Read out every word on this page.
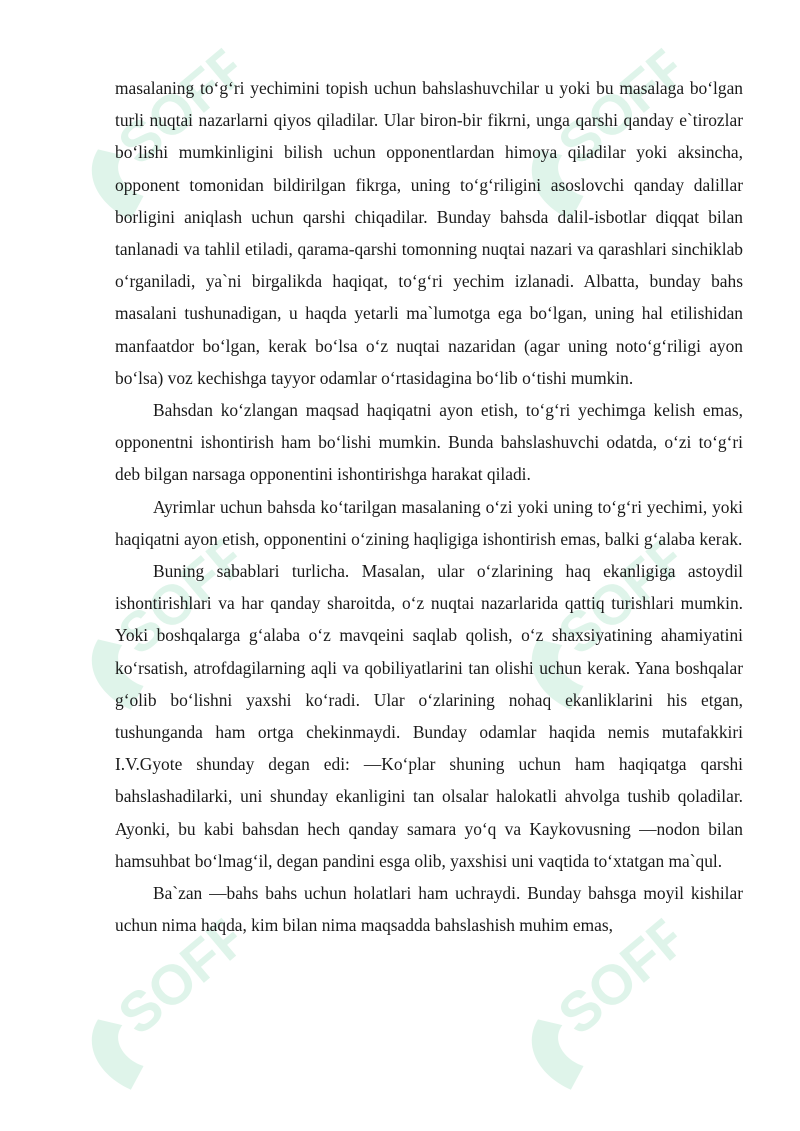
SOFF	SOFF
SOFF	SOFF
SOFF	SOFF

masalaning to‘g‘ri yechimini topish uchun bahslashuvchilar u yoki bu masalaga bo‘lgan turli nuqtai nazarlarni qiyos qiladilar. Ular biron-bir fikrni, unga qarshi qanday e`tirozlar bo‘lishi mumkinligini bilish uchun opponentlardan himoya qiladilar yoki aksincha, opponent tomonidan bildirilgan fikrga, uning to‘g‘riligini asoslovchi qanday dalillar borligini aniqlash uchun qarshi chiqadilar. Bunday bahsda dalil-isbotlar diqqat bilan tanlanadi va tahlil etiladi, qarama-qarshi tomonning nuqtai nazari va qarashlari sinchiklab o‘rganiladi, ya`ni birgalikda haqiqat, to‘g‘ri yechim izlanadi. Albatta, bunday bahs masalani tushunadigan, u haqda yetarli ma`lumotga ega bo‘lgan, uning hal etilishidan manfaatdor bo‘lgan, kerak bo‘lsa o‘z nuqtai nazaridan (agar uning noto‘g‘riligi ayon bo‘lsa) voz kechishga tayyor odamlar o‘rtasidagina bo‘lib o‘tishi mumkin.

Bahsdan ko‘zlangan maqsad haqiqatni ayon etish, to‘g‘ri yechimga kelish emas, opponentni ishontirish ham bo‘lishi mumkin. Bunda bahslashuvchi odatda, o‘zi to‘g‘ri deb bilgan narsaga opponentini ishontirishga harakat qiladi.

Ayrimlar uchun bahsda ko‘tarilgan masalaning o‘zi yoki uning to‘g‘ri yechimi, yoki haqiqatni ayon etish, opponentini o‘zining haqligiga ishontirish emas, balki g‘alaba kerak.

Buning sabablari turlicha. Masalan, ular o‘zlarining haq ekanligiga astoydil ishontirishlari va har qanday sharoitda, o‘z nuqtai nazarlarida qattiq turishlari mumkin. Yoki boshqalarga g‘alaba o‘z mavqeini saqlab qolish, o‘z shaxsiyatining ahamiyatini ko‘rsatish, atrofdagilarning aqli va qobiliyatlarini tan olishi uchun kerak. Yana boshqalar g‘olib bo‘lishni yaxshi ko‘radi. Ular o‘zlarining nohaq ekanliklarini his etgan, tushunganda ham ortga chekinmaydi. Bunday odamlar haqida nemis mutafakkiri I.V.Gyote shunday degan edi: ―Ko‘plar shuning uchun ham haqiqatga qarshi bahslashadilarki, uni shunday ekanligini tan olsalar halokatli ahvolga tushib qoladilar. Ayonki, bu kabi bahsdan hech qanday samara yo‘q va Kaykovusning ―nodon bilan hamsuhbat bo‘lmag‘il, degan pandini esga olib, yaxshisi uni vaqtida to‘xtatgan ma`qul.

Ba`zan ―bahs bahs uchun holatlari ham uchraydi. Bunday bahsga moyil kishilar uchun nima haqda, kim bilan nima maqsadda bahslashish muhim emas,
